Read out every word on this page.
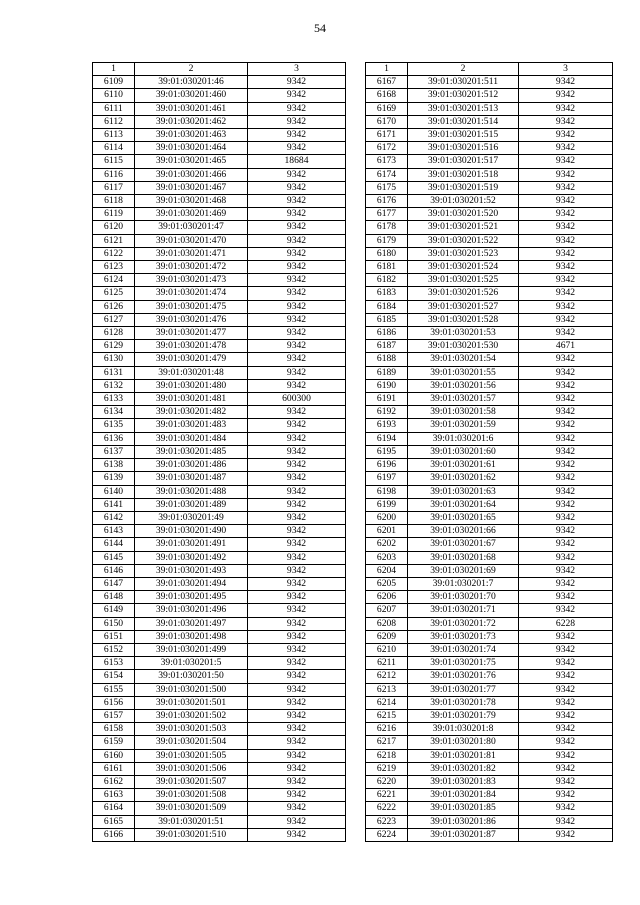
54
1	2	3
6109	39:01:030201:46	9342
6110	39:01:030201:460	9342
6111	39:01:030201:461	9342
6112	39:01:030201:462	9342
6113	39:01:030201:463	9342
6114	39:01:030201:464	9342
6115	39:01:030201:465	18684
6116	39:01:030201:466	9342
6117	39:01:030201:467	9342
6118	39:01:030201:468	9342
6119	39:01:030201:469	9342
6120	39:01:030201:47	9342
6121	39:01:030201:470	9342
6122	39:01:030201:471	9342
6123	39:01:030201:472	9342
6124	39:01:030201:473	9342
6125	39:01:030201:474	9342
6126	39:01:030201:475	9342
6127	39:01:030201:476	9342
6128	39:01:030201:477	9342
6129	39:01:030201:478	9342
6130	39:01:030201:479	9342
6131	39:01:030201:48	9342
6132	39:01:030201:480	9342
6133	39:01:030201:481	600300
6134	39:01:030201:482	9342
6135	39:01:030201:483	9342
6136	39:01:030201:484	9342
6137	39:01:030201:485	9342
6138	39:01:030201:486	9342
6139	39:01:030201:487	9342
6140	39:01:030201:488	9342
6141	39:01:030201:489	9342
6142	39:01:030201:49	9342
6143	39:01:030201:490	9342
6144	39:01:030201:491	9342
6145	39:01:030201:492	9342
6146	39:01:030201:493	9342
6147	39:01:030201:494	9342
6148	39:01:030201:495	9342
6149	39:01:030201:496	9342
6150	39:01:030201:497	9342
6151	39:01:030201:498	9342
6152	39:01:030201:499	9342
6153	39:01:030201:5	9342
6154	39:01:030201:50	9342
6155	39:01:030201:500	9342
6156	39:01:030201:501	9342
6157	39:01:030201:502	9342
6158	39:01:030201:503	9342
6159	39:01:030201:504	9342
6160	39:01:030201:505	9342
6161	39:01:030201:506	9342
6162	39:01:030201:507	9342
6163	39:01:030201:508	9342
6164	39:01:030201:509	9342
6165	39:01:030201:51	9342
6166	39:01:030201:510	9342
1	2	3
6167	39:01:030201:511	9342
6168	39:01:030201:512	9342
6169	39:01:030201:513	9342
6170	39:01:030201:514	9342
6171	39:01:030201:515	9342
6172	39:01:030201:516	9342
6173	39:01:030201:517	9342
6174	39:01:030201:518	9342
6175	39:01:030201:519	9342
6176	39:01:030201:52	9342
6177	39:01:030201:520	9342
6178	39:01:030201:521	9342
6179	39:01:030201:522	9342
6180	39:01:030201:523	9342
6181	39:01:030201:524	9342
6182	39:01:030201:525	9342
6183	39:01:030201:526	9342
6184	39:01:030201:527	9342
6185	39:01:030201:528	9342
6186	39:01:030201:53	9342
6187	39:01:030201:530	4671
6188	39:01:030201:54	9342
6189	39:01:030201:55	9342
6190	39:01:030201:56	9342
6191	39:01:030201:57	9342
6192	39:01:030201:58	9342
6193	39:01:030201:59	9342
6194	39:01:030201:6	9342
6195	39:01:030201:60	9342
6196	39:01:030201:61	9342
6197	39:01:030201:62	9342
6198	39:01:030201:63	9342
6199	39:01:030201:64	9342
6200	39:01:030201:65	9342
6201	39:01:030201:66	9342
6202	39:01:030201:67	9342
6203	39:01:030201:68	9342
6204	39:01:030201:69	9342
6205	39:01:030201:7	9342
6206	39:01:030201:70	9342
6207	39:01:030201:71	9342
6208	39:01:030201:72	6228
6209	39:01:030201:73	9342
6210	39:01:030201:74	9342
6211	39:01:030201:75	9342
6212	39:01:030201:76	9342
6213	39:01:030201:77	9342
6214	39:01:030201:78	9342
6215	39:01:030201:79	9342
6216	39:01:030201:8	9342
6217	39:01:030201:80	9342
6218	39:01:030201:81	9342
6219	39:01:030201:82	9342
6220	39:01:030201:83	9342
6221	39:01:030201:84	9342
6222	39:01:030201:85	9342
6223	39:01:030201:86	9342
6224	39:01:030201:87	9342
